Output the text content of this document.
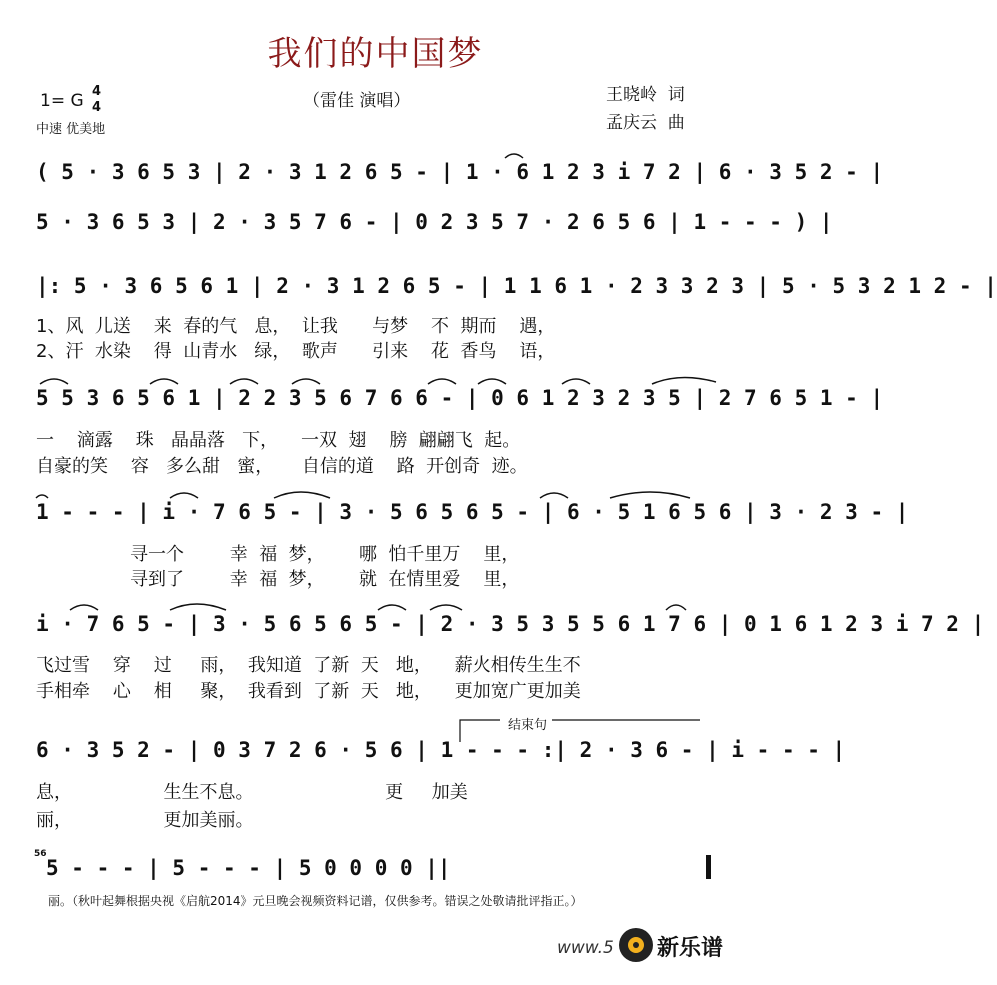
我们的中国梦
（雷佳 演唱）
1= G 4
4
中速 优美地
王晓岭  词
孟庆云  曲
( 5 · 3 6 5 3 | 2 · 3 1 2 6 5 - | 1 · 6 1 2 3 i 7 2 | 6 · 3 5 2 - |
5 · 3 6 5 3 | 2 · 3 5 7 6 - | 0 2 3 5 7 · 2 6 5 6 | 1 - - - ) |
|: 5 · 3 6 5 6 1 | 2 · 3 1 2 6 5 - | 1 1 6 1 · 2 3 3 2 3 | 5 · 5 3 2 1 2 - |
1、风  儿送    来  春的气   息，  让我      与梦    不  期而    遇，
2、汗  水染    得  山青水   绿，  歌声      引来    花  香鸟    语，
5 5 3 6 5 6 1 | 2 2 3 5 6 7 6 6 - | 0 6 1 2 3 2 3 5 | 2 7 6 5 1 - |
一    滴露    珠   晶晶落   下，    一双  翅    膀  翩翩飞  起。
自豪的笑    容   多么甜   蜜，     自信的道    路  开创奇  迹。
1 - - - | i · 7 6 5 - | 3 · 5 6 5 6 5 - | 6 · 5 1 6 5 6 | 3 · 2 3 - |
寻一个        幸  福  梦，      哪  怕千里万    里，
寻到了        幸  福  梦，      就  在情里爱    里，
i · 7 6 5 - | 3 · 5 6 5 6 5 - | 2 · 3 5 3 5 5 6 1 7 6 | 0 1 6 1 2 3 i 7 2 |
飞过雪    穿    过     雨，  我知道  了新  天   地，    薪火相传生生不
手相牵    心    相     聚，  我看到  了新  天   地，    更加宽广更加美
结束句
6 · 3 5 2 - | 0 3 7 2 6 · 5 6 | 1 - - - :| 2 · 3 6 - | i - - - |
息，                生生不息。                       更     加美
丽，                更加美丽。
56
5 - - - | 5 - - - | 5 0 0 0 0 ||
丽。（秋叶起舞根据央视《启航2014》元旦晚会视频资料记谱，仅供参考。错误之处敬请批评指正。）
www.5

新乐谱
